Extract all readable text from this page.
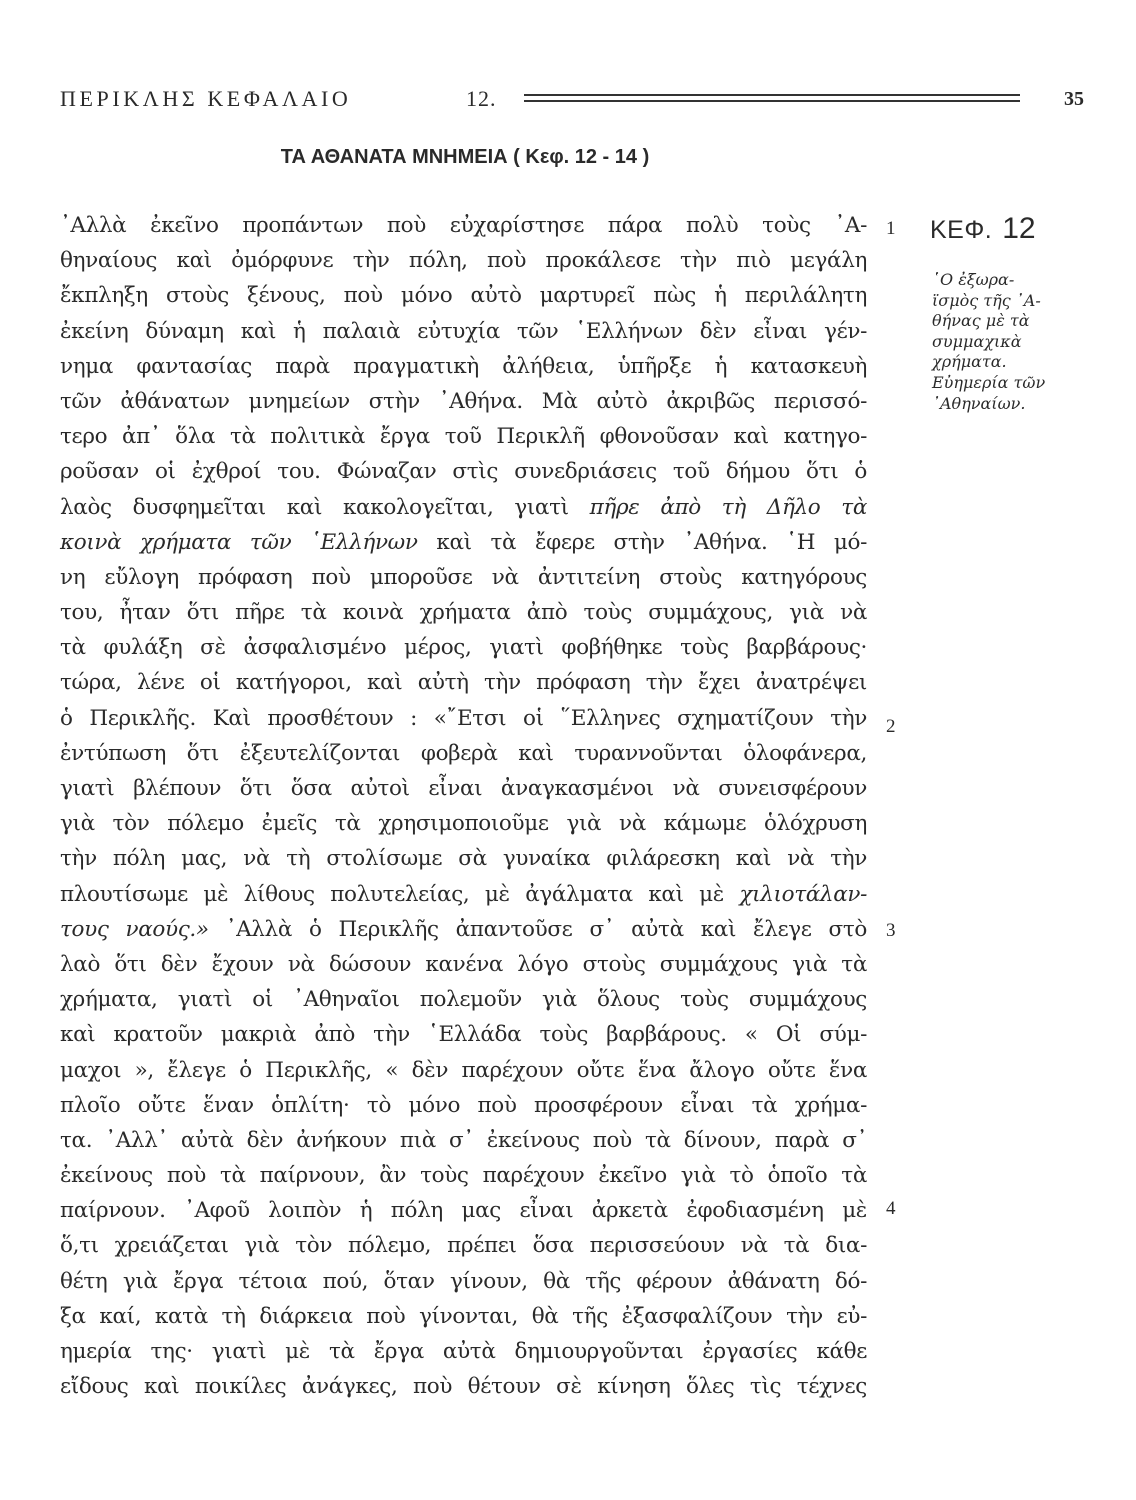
ΠΕΡΙΚΛΗΣ ΚΕΦΑΛΑΙΟ	12.	35
ΤΑ ΑΘΑΝΑΤΑ ΜΝΗΜΕΙΑ ( Κεφ. 12 - 14 )
ΚΕΦ. 12
῾Ο ἐξωρα-
ϊσμὸς τῆς ᾿Α-
θήνας μὲ τὰ
συμμαχικὰ
χρήματα.
Εὐημερία τῶν
᾿Αθηναίων.
1
2
3
4
᾿Αλλὰ ἐκεῖνο προπάντων ποὺ εὐχαρίστησε πάρα πολὺ τοὺς ᾿Α-
θηναίους καὶ ὀμόρφυνε τὴν πόλη, ποὺ προκάλεσε τὴν πιὸ μεγάλη
ἔκπληξη στοὺς ξένους, ποὺ μόνο αὐτὸ μαρτυρεῖ πὼς ἡ περιλάλητη
ἐκείνη δύναμη καὶ ἡ παλαιὰ εὐτυχία τῶν ῾Ελλήνων δὲν εἶναι γέν-
νημα φαντασίας παρὰ πραγματικὴ ἀλήθεια, ὑπῆρξε ἡ κατασκευὴ
τῶν ἀθάνατων μνημείων στὴν ᾿Αθήνα. Μὰ αὐτὸ ἀκριβῶς περισσό-
τερο ἀπ᾿ ὅλα τὰ πολιτικὰ ἔργα τοῦ Περικλῆ φθονοῦσαν καὶ κατηγο-
ροῦσαν οἱ ἐχθροί του. Φώναζαν στὶς συνεδριάσεις τοῦ δήμου ὅτι ὁ
λαὸς δυσφημεῖται καὶ κακολογεῖται, γιατὶ πῆρε ἀπὸ τὴ Δῆλο τὰ
κοινὰ χρήματα τῶν ῾Ελλήνων καὶ τὰ ἔφερε στὴν ᾿Αθήνα. ῾Η μό-
νη εὔλογη πρόφαση ποὺ μποροῦσε νὰ ἀντιτείνη στοὺς κατηγόρους
του, ἦταν ὅτι πῆρε τὰ κοινὰ χρήματα ἀπὸ τοὺς συμμάχους, γιὰ νὰ
τὰ φυλάξη σὲ ἀσφαλισμένο μέρος, γιατὶ φοβήθηκε τοὺς βαρβάρους·
τώρα, λένε οἱ κατήγοροι, καὶ αὐτὴ τὴν πρόφαση τὴν ἔχει ἀνατρέψει
ὁ Περικλῆς. Καὶ προσθέτουν : «῎Ετσι οἱ ῞Ελληνες σχηματίζουν τὴν
ἐντύπωση ὅτι ἐξευτελίζονται φοβερὰ καὶ τυραννοῦνται ὁλοφάνερα,
γιατὶ βλέπουν ὅτι ὅσα αὐτοὶ εἶναι ἀναγκασμένοι νὰ συνεισφέρουν
γιὰ τὸν πόλεμο ἐμεῖς τὰ χρησιμοποιοῦμε γιὰ νὰ κάμωμε ὁλόχρυση
τὴν πόλη μας, νὰ τὴ στολίσωμε σὰ γυναίκα φιλάρεσκη καὶ νὰ τὴν
πλουτίσωμε μὲ λίθους πολυτελείας, μὲ ἀγάλματα καὶ μὲ χιλιοτάλαν-
τους ναούς.» ᾿Αλλὰ ὁ Περικλῆς ἀπαντοῦσε σ᾿ αὐτὰ καὶ ἔλεγε στὸ
λαὸ ὅτι δὲν ἔχουν νὰ δώσουν κανένα λόγο στοὺς συμμάχους γιὰ τὰ
χρήματα, γιατὶ οἱ ᾿Αθηναῖοι πολεμοῦν γιὰ ὅλους τοὺς συμμάχους
καὶ κρατοῦν μακριὰ ἀπὸ τὴν ῾Ελλάδα τοὺς βαρβάρους. « Οἱ σύμ-
μαχοι », ἔλεγε ὁ Περικλῆς, « δὲν παρέχουν οὔτε ἕνα ἄλογο οὔτε ἕνα
πλοῖο οὔτε ἕναν ὁπλίτη· τὸ μόνο ποὺ προσφέρουν εἶναι τὰ χρήμα-
τα. ᾿Αλλ᾿ αὐτὰ δὲν ἀνήκουν πιὰ σ᾿ ἐκείνους ποὺ τὰ δίνουν, παρὰ σ᾿
ἐκείνους ποὺ τὰ παίρνουν, ἂν τοὺς παρέχουν ἐκεῖνο γιὰ τὸ ὁποῖο τὰ
παίρνουν. ᾿Αφοῦ λοιπὸν ἡ πόλη μας εἶναι ἀρκετὰ ἐφοδιασμένη μὲ
ὅ,τι χρειάζεται γιὰ τὸν πόλεμο, πρέπει ὅσα περισσεύουν νὰ τὰ δια-
θέτη γιὰ ἔργα τέτοια πού, ὅταν γίνουν, θὰ τῆς φέρουν ἀθάνατη δό-
ξα καί, κατὰ τὴ διάρκεια ποὺ γίνονται, θὰ τῆς ἐξασφαλίζουν τὴν εὐ-
ημερία της· γιατὶ μὲ τὰ ἔργα αὐτὰ δημιουργοῦνται ἐργασίες κάθε
εἴδους καὶ ποικίλες ἀνάγκες, ποὺ θέτουν σὲ κίνηση ὅλες τὶς τέχνες
